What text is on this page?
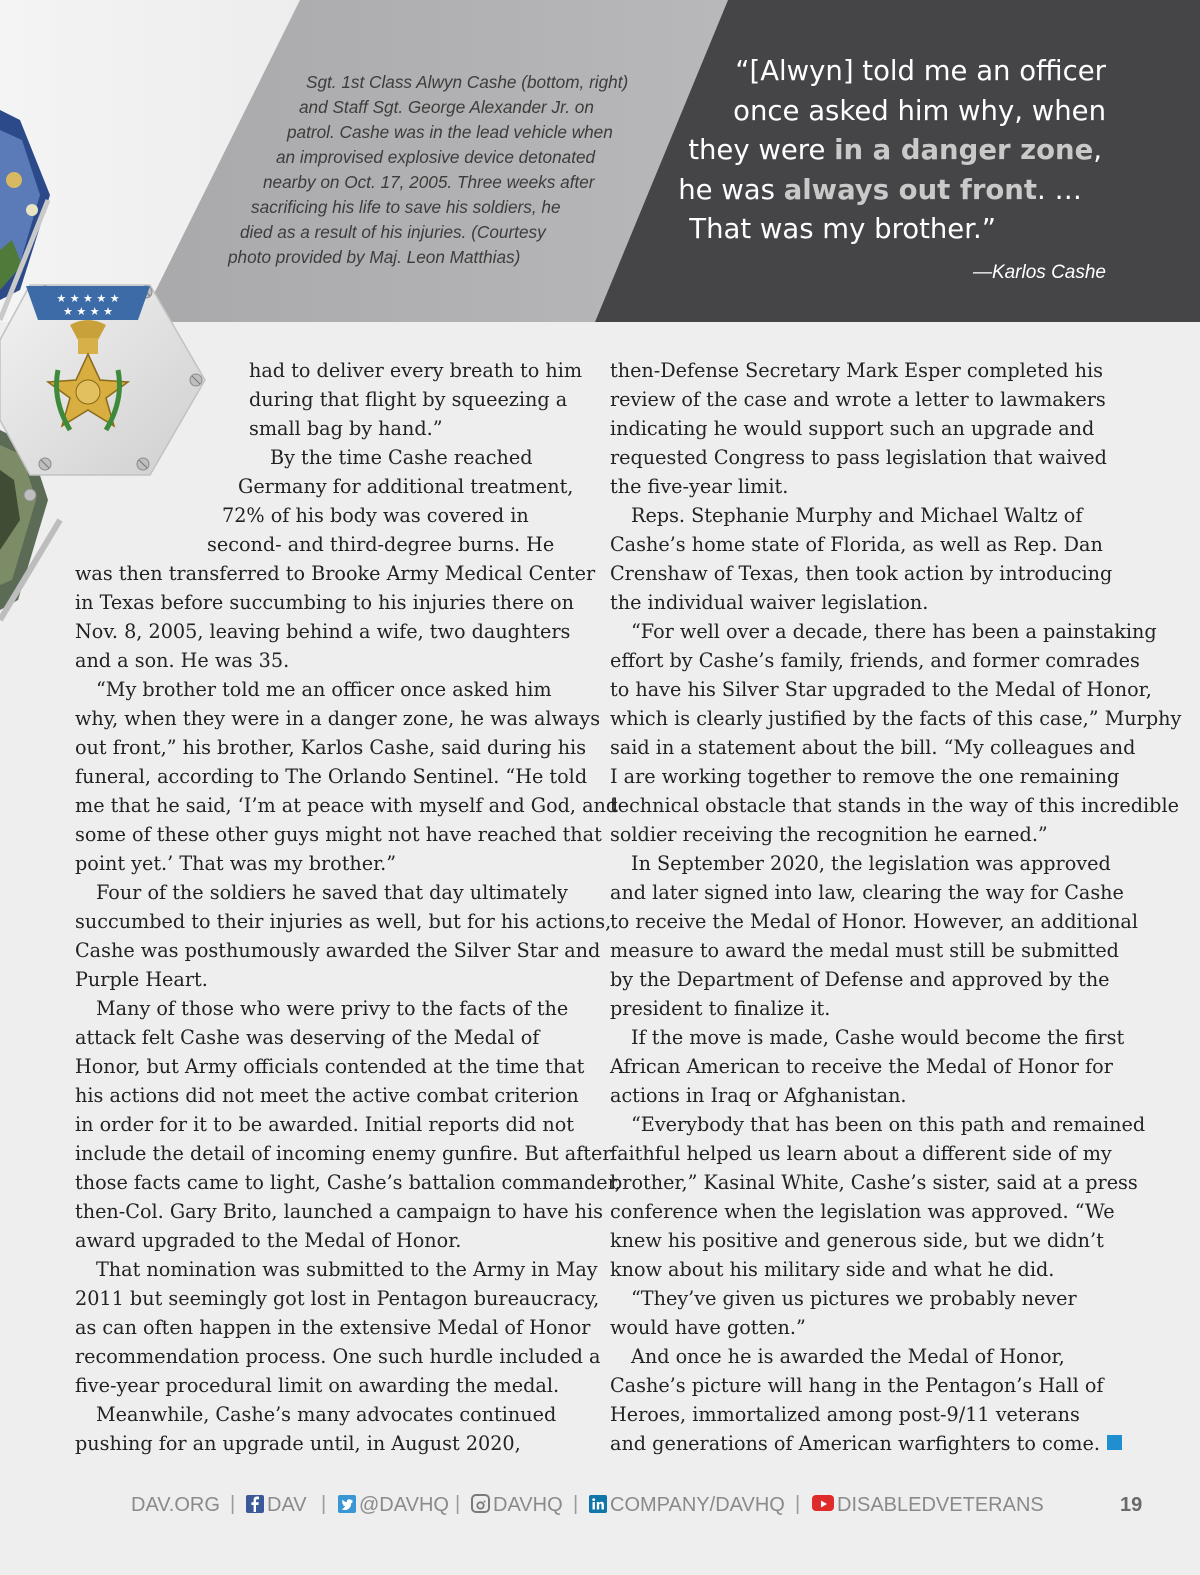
Sgt. 1st Class Alwyn Cashe (bottom, right)
and Staff Sgt. George Alexander Jr. on
patrol. Cashe was in the lead vehicle when
an improvised explosive device detonated
nearby on Oct. 17, 2005. Three weeks after
sacrificing his life to save his soldiers, he
died as a result of his injuries. (Courtesy
photo provided by Maj. Leon Matthias)
“[Alwyn] told me an officer
once asked him why, when
they were in a danger zone,
he was always out front. …
That was my brother.”
—Karlos Cashe
★ ★ ★ ★ ★
★ ★ ★ ★
had to deliver every breath to him
during that flight by squeezing a
small bag by hand.”
By the time Cashe reached
Germany for additional treatment,
72% of his body was covered in
second- and third-degree burns. He
was then transferred to Brooke Army Medical Center
in Texas before succumbing to his injuries there on
Nov. 8, 2005, leaving behind a wife, two daughters
and a son. He was 35.
“My brother told me an officer once asked him
why, when they were in a danger zone, he was always
out front,” his brother, Karlos Cashe, said during his
funeral, according to The Orlando Sentinel. “He told
me that he said, ‘I’m at peace with myself and God, and
some of these other guys might not have reached that
point yet.’ That was my brother.”
Four of the soldiers he saved that day ultimately
succumbed to their injuries as well, but for his actions,
Cashe was posthumously awarded the Silver Star and
Purple Heart.
Many of those who were privy to the facts of the
attack felt Cashe was deserving of the Medal of
Honor, but Army officials contended at the time that
his actions did not meet the active combat criterion
in order for it to be awarded. Initial reports did not
include the detail of incoming enemy gunfire. But after
those facts came to light, Cashe’s battalion commander,
then-Col. Gary Brito, launched a campaign to have his
award upgraded to the Medal of Honor.
That nomination was submitted to the Army in May
2011 but seemingly got lost in Pentagon bureaucracy,
as can often happen in the extensive Medal of Honor
recommendation process. One such hurdle included a
five-year procedural limit on awarding the medal.
Meanwhile, Cashe’s many advocates continued
pushing for an upgrade until, in August 2020,
then-Defense Secretary Mark Esper completed his
review of the case and wrote a letter to lawmakers
indicating he would support such an upgrade and
requested Congress to pass legislation that waived
the five-year limit.
Reps. Stephanie Murphy and Michael Waltz of
Cashe’s home state of Florida, as well as Rep. Dan
Crenshaw of Texas, then took action by introducing
the individual waiver legislation.
“For well over a decade, there has been a painstaking
effort by Cashe’s family, friends, and former comrades
to have his Silver Star upgraded to the Medal of Honor,
which is clearly justified by the facts of this case,” Murphy
said in a statement about the bill. “My colleagues and
I are working together to remove the one remaining
technical obstacle that stands in the way of this incredible
soldier receiving the recognition he earned.”
In September 2020, the legislation was approved
and later signed into law, clearing the way for Cashe
to receive the Medal of Honor. However, an additional
measure to award the medal must still be submitted
by the Department of Defense and approved by the
president to finalize it.
If the move is made, Cashe would become the first
African American to receive the Medal of Honor for
actions in Iraq or Afghanistan.
“Everybody that has been on this path and remained
faithful helped us learn about a different side of my
brother,” Kasinal White, Cashe’s sister, said at a press
conference when the legislation was approved. “We
knew his positive and generous side, but we didn’t
know about his military side and what he did.
“They’ve given us pictures we probably never
would have gotten.”
And once he is awarded the Medal of Honor,
Cashe’s picture will hang in the Pentagon’s Hall of
Heroes, immortalized among post-9/11 veterans
and generations of American warfighters to come.
DAV.ORG |	DAV |	@DAVHQ |	DAVHQ |	COMPANY/DAVHQ |	DISABLEDVETERANS	19
